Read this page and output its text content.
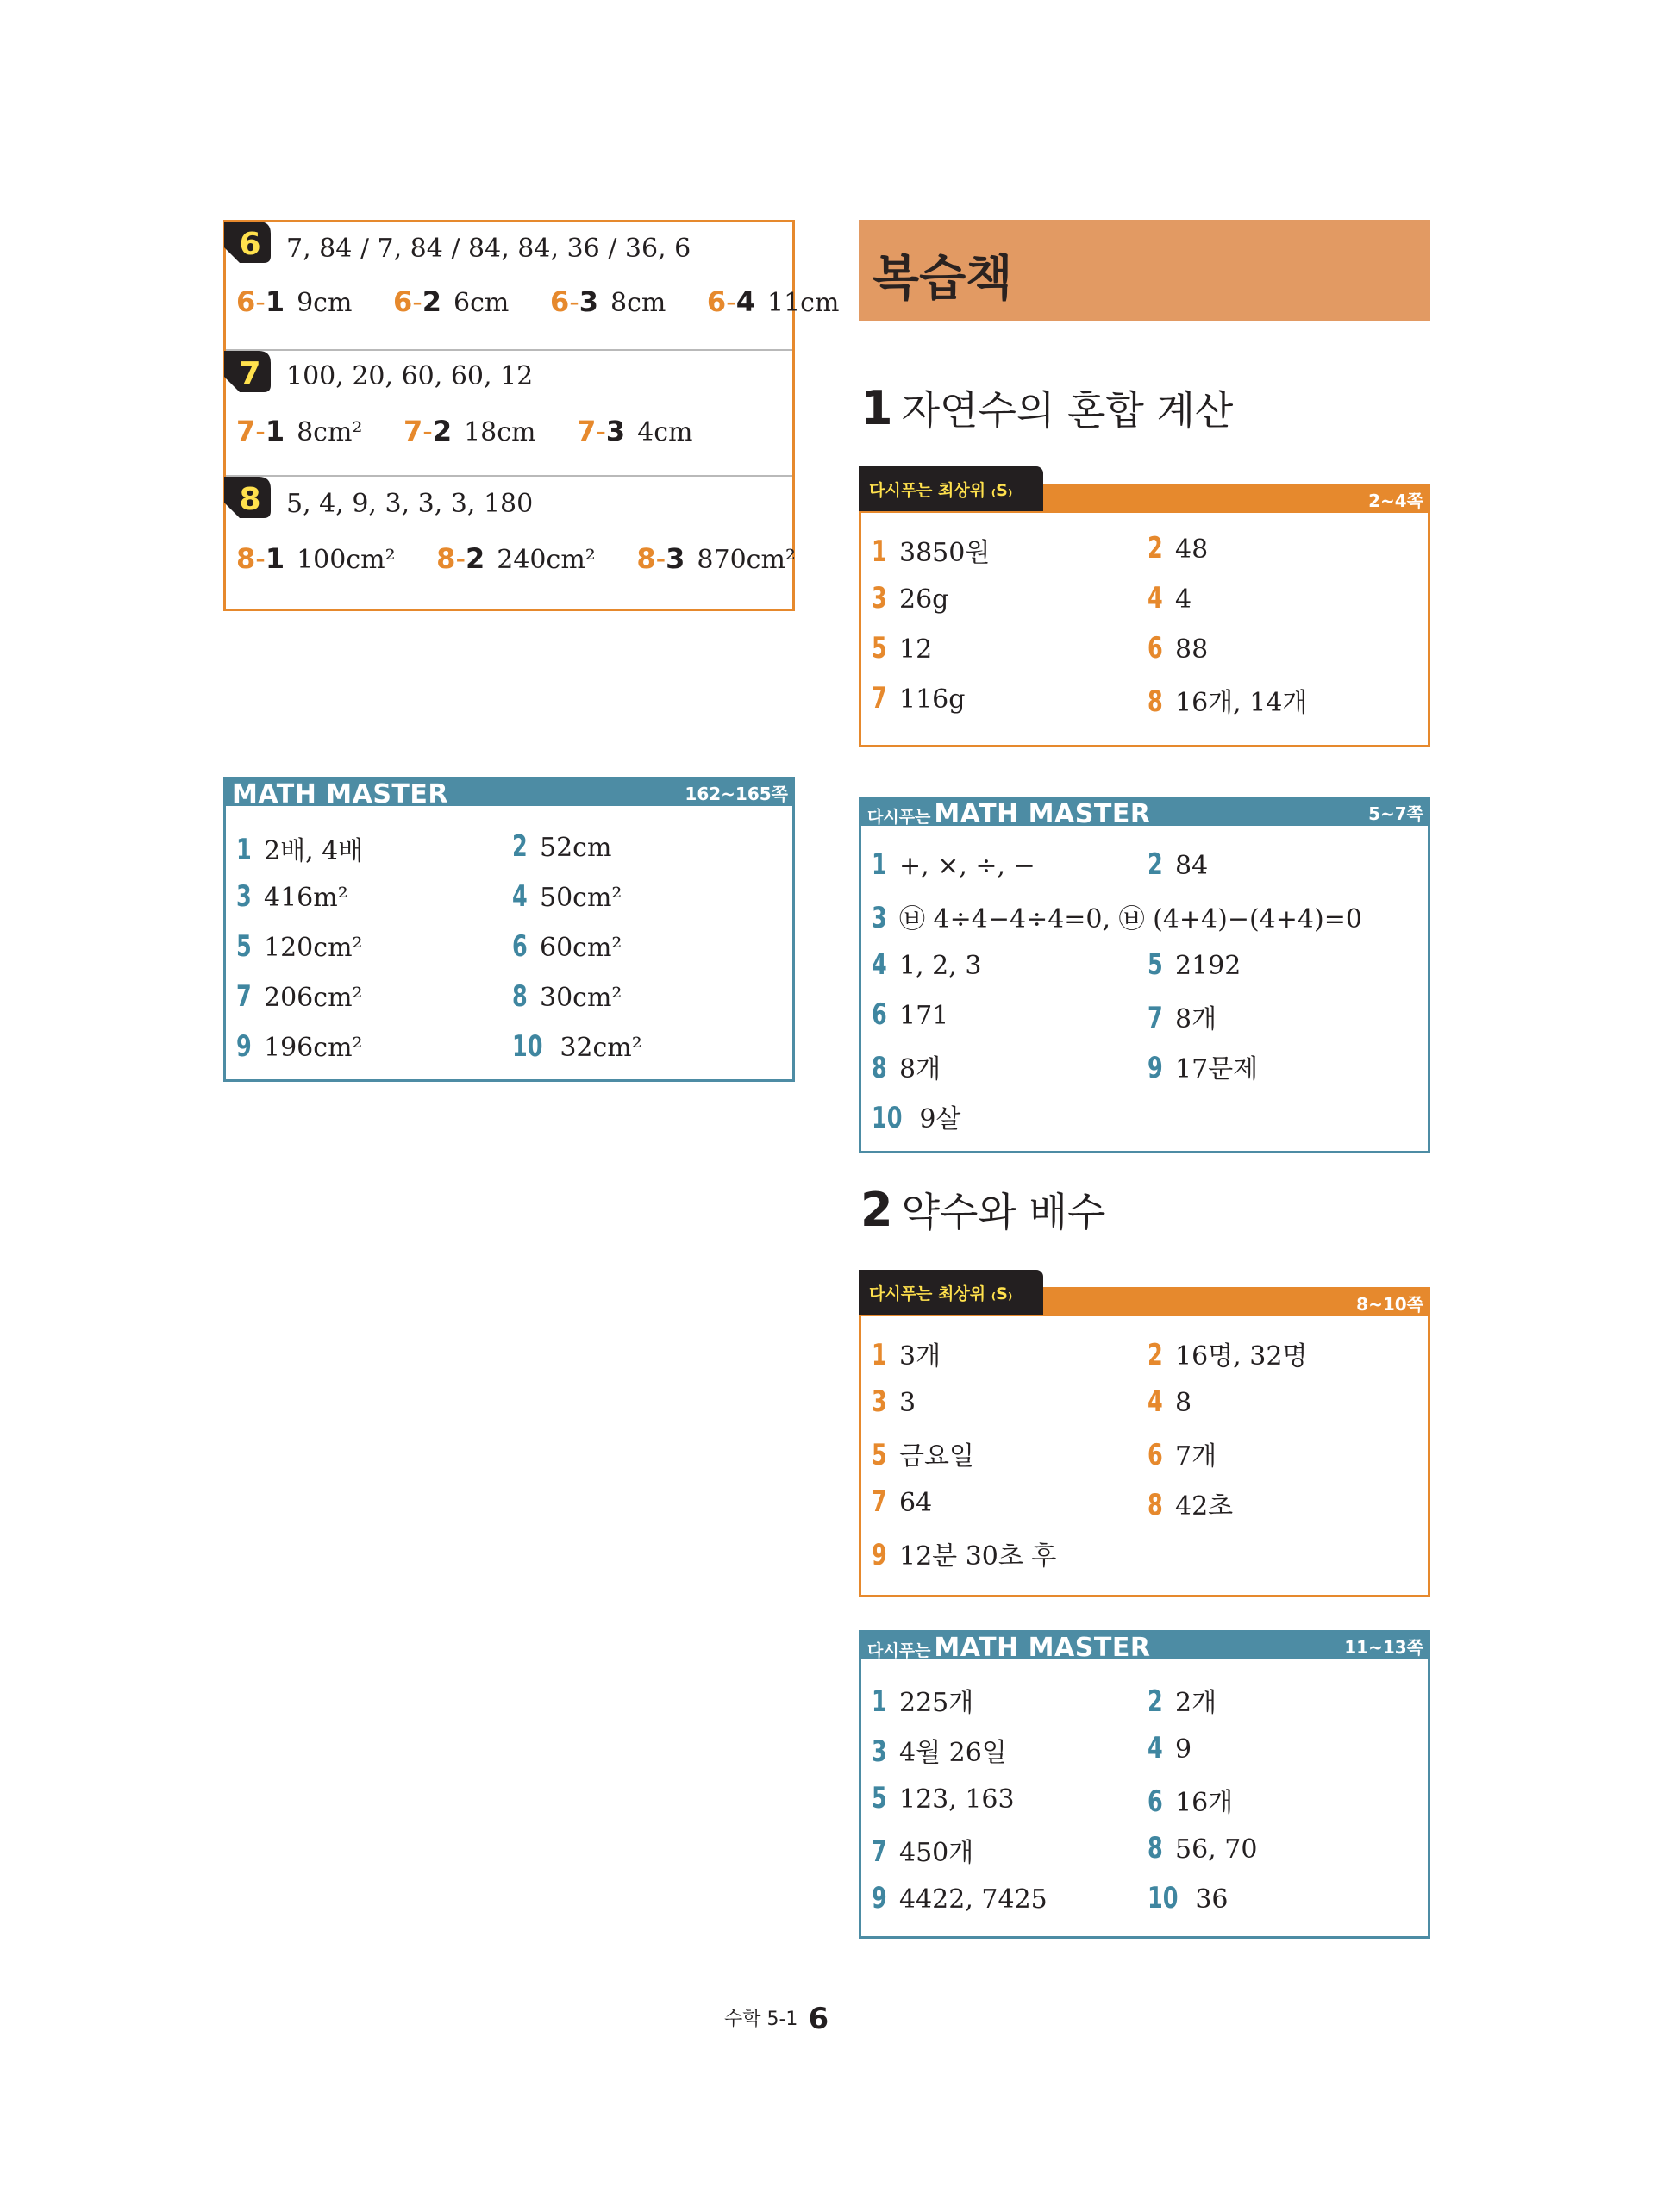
6 7, 84 / 7, 84 / 84, 84, 36 / 36, 6
6-1 9cm 6-2 6cm 6-3 8cm 6-4 11cm
7 100, 20, 60, 60, 12
7-1 8cm² 7-2 18cm 7-3 4cm
8 5, 4, 9, 3, 3, 3, 180
8-1 100cm² 8-2 240cm² 8-3 870cm²
MATH MASTER	162~165쪽
1 2배, 4배	2 52cm
3 416m²	4 50cm²
5 120cm²	6 60cm²
7 206cm²	8 30cm²
9 196cm²	10 32cm²
복습책
1 자연수의 혼합 계산
2~4쪽
다시푸는 최상위 ₍S₎
1 3850원	2 48
3 26g	4 4
5 12	6 88
7 116g	8 16개, 14개
다시푸는 MATH MASTER	5~7쪽
1 +, ×, ÷, −	2 84
3 ㉥ 4÷4−4÷4=0, ㉥ (4+4)−(4+4)=0
4 1, 2, 3	5 2192
6 171	7 8개
8 8개	9 17문제
10 9살
2 약수와 배수
8~10쪽
다시푸는 최상위 ₍S₎
1 3개	2 16명, 32명
3 3	4 8
5 금요일	6 7개
7 64	8 42초
9 12분 30초 후
다시푸는 MATH MASTER	11~13쪽
1 225개	2 2개
3 4월 26일	4 9
5 123, 163	6 16개
7 450개	8 56, 70
9 4422, 7425	10 36
수학 5-1 6
